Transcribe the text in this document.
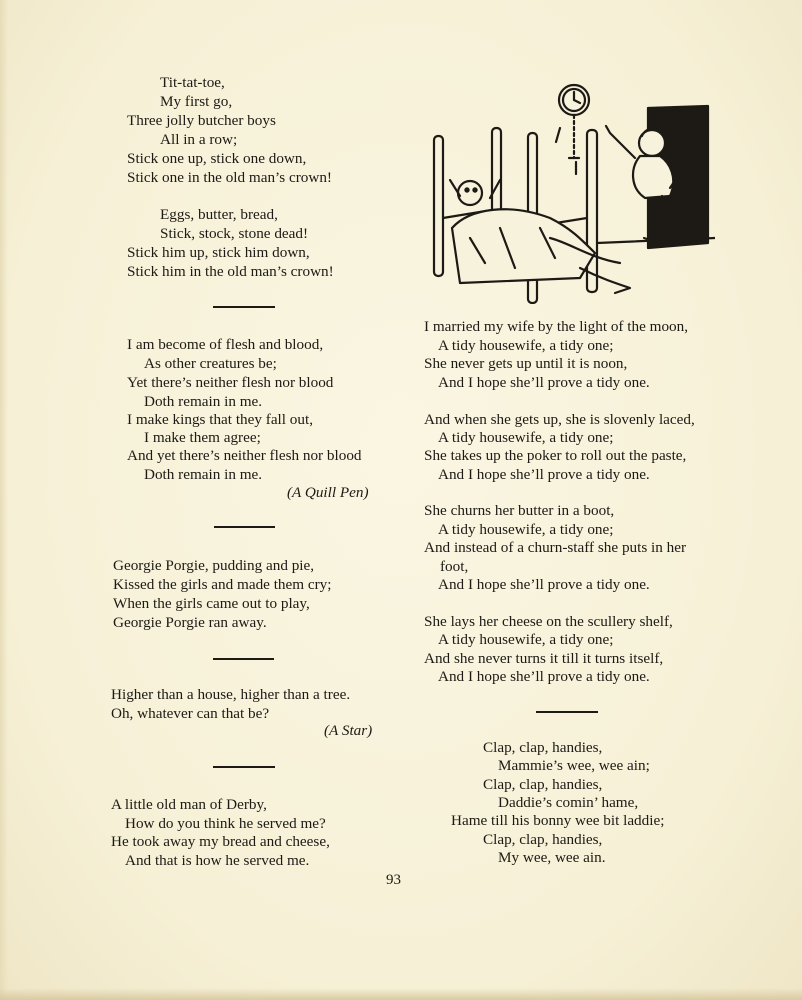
Tit-tat-toe,
My first go,
Three jolly butcher boys
All in a row;
Stick one up, stick one down,
Stick one in the old man’s crown!
Eggs, butter, bread,
Stick, stock, stone dead!
Stick him up, stick him down,
Stick him in the old man’s crown!
I am become of flesh and blood,
As other creatures be;
Yet there’s neither flesh nor blood
Doth remain in me.
I make kings that they fall out,
I make them agree;
And yet there’s neither flesh nor blood
Doth remain in me.
(A Quill Pen)
Georgie Porgie, pudding and pie,
Kissed the girls and made them cry;
When the girls came out to play,
Georgie Porgie ran away.
Higher than a house, higher than a tree.
Oh, whatever can that be?
(A Star)
A little old man of Derby,
How do you think he served me?
He took away my bread and cheese,
And that is how he served me.
I married my wife by the light of the moon,
A tidy housewife, a tidy one;
She never gets up until it is noon,
And I hope she’ll prove a tidy one.
And when she gets up, she is slovenly laced,
A tidy housewife, a tidy one;
She takes up the poker to roll out the paste,
And I hope she’ll prove a tidy one.
She churns her butter in a boot,
A tidy housewife, a tidy one;
And instead of a churn-staff she puts in her
foot,
And I hope she’ll prove a tidy one.
She lays her cheese on the scullery shelf,
A tidy housewife, a tidy one;
And she never turns it till it turns itself,
And I hope she’ll prove a tidy one.
Clap, clap, handies,
Mammie’s wee, wee ain;
Clap, clap, handies,
Daddie’s comin’ hame,
Hame till his bonny wee bit laddie;
Clap, clap, handies,
My wee, wee ain.
93
